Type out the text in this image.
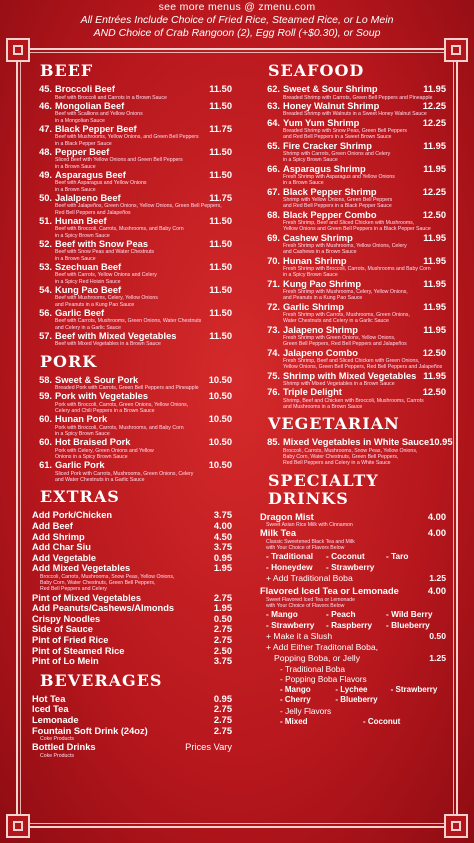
see more menus @ zmenu.com
All Entrées Include Choice of Fried Rice, Steamed Rice, or Lo Mein
AND Choice of Crab Rangoon (2), Egg Roll (+$0.30), or Soup
BEEF
45. Broccoli Beef	11.50
Beef with Broccoli and Carrots in a Brown Sauce
46. Mongolian Beef	11.50
Beef with Scallions and Yellow Onions
in a Mongolian Sauce
47. Black Pepper Beef	11.75
Beef with Mushrooms, Yellow Onions, and Green Bell Peppers
in a Black Pepper Sauce
48. Pepper Beef	11.50
Sliced Beef with Yellow Onions and Green Bell Peppers
in a Brown Sauce
49. Asparagus Beef	11.50
Beef with Asparagus and Yellow Onions
in a Brown Sauce
50. Jalalpeno Beef	11.75
Beef with Jalapeños, Green Onions, Yellow Onions, Green Bell Peppers,
Red Bell Peppers and Jalapeños
51. Hunan Beef	11.50
Beef with Broccoli, Carrots, Mushrooms, and Baby Corn
in a Spicy Brown Sauce
52. Beef with Snow Peas	11.50
Beef with Snow Peas and Water Chestnuts
in a Brown Sauce
53. Szechuan Beef	11.50
Beef with Carrots, Yellow Onions and Celery
in a Spicy Red Hoisin Sauce
54. Kung Pao Beef	11.50
Beef with Mushrooms, Celery, Yellow Onions
and Peanuts in a Kung Pao Sauce
56. Garlic Beef	11.50
Beef with Carrots, Mushrooms, Green Onions, Water Chestnuts
and Celery in a Garlic Sauce
57. Beef with Mixed Vegetables	11.50
Beef with Mixed Vegetables in a Brown Sauce
PORK
58. Sweet & Sour Pork	10.50
Breaded Pork with Carrots, Green Bell Peppers and Pineapple
59. Pork with Vegetables	10.50
Pork with Broccoli, Carrots, Green Onions, Yellow Onions,
Celery and Chili Peppers in a Brown Sauce
60. Hunan Pork	10.50
Pork with Broccoli, Carrots, Mushrooms, and Baby Corn
in a Spicy Brown Sauce
60. Hot Braised Pork	10.50
Pork with Celery, Green Onions and Yellow
Onions in a Spicy Brown Sauce
61. Garlic Pork	10.50
Sliced Pork with Carrots, Mushrooms, Green Onions, Celery
and Water Chestnuts in a Garlic Sauce
EXTRAS
Add Pork/Chicken	3.75
Add Beef	4.00
Add Shrimp	4.50
Add Char Siu	3.75
Add Vegetable	0.95
Add Mixed Vegetables	1.95
Broccoli, Carrots, Mushrooms, Snow Peas, Yellow Onions,
Baby Corn, Water Chestnuts, Green Bell Peppers,
Red Bell Peppers and Celery
Pint of Mixed Vegetables	2.75
Add Peanuts/Cashews/Almonds	1.95
Crispy Noodles	0.50
Side of Sauce	2.75
Pint of Fried Rice	2.75
Pint of Steamed Rice	2.50
Pint of Lo Mein	3.75
BEVERAGES
Hot Tea	0.95
Iced Tea	2.75
Lemonade	2.75
Fountain Soft Drink (24oz)	2.75
Coke Products
Bottled Drinks	Prices Vary
Coke Products
SEAFOOD
62. Sweet & Sour Shrimp	11.95
Breaded Shrimp with Carrots, Green Bell Peppers and Pineapple
63. Honey Walnut Shrimp	12.25
Breaded Shrimp with Walnuts in a Sweet Honey Walnut Sauce
64. Yum Yum Shrimp	12.25
Breaded Shrimp with Snow Peas, Green Bell Peppers
and Red Bell Peppers in a Sweet Brown Sauce
65. Fire Cracker Shrimp	11.95
Shrimp with Carrots, Green Onions and Celery
in a Spicy Brown Sauce
66. Asparagus Shrimp	11.95
Fresh Shrimp with Asparagus and Yellow Onions
in a Brown Sauce
67. Black Pepper Shrimp	12.25
Shrimp with Yellow Onions, Green Bell Peppers
and Red Bell Peppers in a Black Pepper Sauce
68. Black Pepper Combo	12.50
Fresh Shrimp, Beef and Sliced Chicken with Mushrooms,
Yellow Onions and Green Bell Peppers in a Black Pepper Sauce
69. Cashew Shrimp	11.95
Fresh Shrimp with Mushrooms, Yellow Onions, Celery
and Cashews in a Brown Sauce
70. Hunan Shrimp	11.95
Fresh Shrimp with Broccoli, Carrots, Mushrooms and Baby Corn
in a Spicy Brown Sauce
71. Kung Pao Shrimp	11.95
Fresh Shrimp with Mushrooms, Celery, Yellow Onions,
and Peanuts in a Kung Pao Sauce
72. Garlic Shrimp	11.95
Fresh Shrimp with Carrots, Mushrooms, Green Onions,
Water Chestnuts and Celery in a Garlic Sauce
73. Jalapeno Shrimp	11.95
Fresh Shrimp with Green Onions, Yellow Onions,
Green Bell Peppers, Red Bell Peppers and Jalapeños
74. Jalapeno Combo	12.50
Fresh Shrimp, Beef and Sliced Chicken with Green Onions,
Yellow Onions, Green Bell Peppers, Red Bell Peppers and Jalapeños
75. Shrimp with Mixed Vegetables 11.95
Shrimp with Mixed Vegetables in a Brown Sauce
76. Triple Delight	12.50
Shrimp, Beef and Chicken with Broccoli, Mushrooms, Carrots
and Mushrooms in a Brown Sauce
VEGETARIAN
85. Mixed Vegetables in White Sauce 10.95
Broccoli, Carrots, Mushrooms, Snow Peas, Yellow Onions,
Baby Corn, Water Chestnuts, Green Bell Peppers,
Red Bell Peppers and Celery in a White Sauce
SPECIALTY DRINKS
Dragon Mist	4.00
Sweet Asian Rice Milk with Cinnamon
Milk Tea	4.00
Classic Sweetened Black Tea and Milk
with Your Choice of Flavors Below
- Traditional	- Coconut	- Taro
- Honeydew	- Strawberry
+ Add Traditional Boba	1.25
Flavored Iced Tea or Lemonade	4.00
Sweet Flavored Iced Tea or Lemonade
with Your Choice of Flavors Below
- Mango	- Peach	- Wild Berry
- Strawberry	- Raspberry	- Blueberry
+ Make it a Slush	0.50
+ Add Either Traditonal Boba,
Popping Boba, or Jelly	1.25
- Traditional Boba
- Popping Boba Flavors
- Mango	- Lychee	- Strawberry
- Cherry	- Blueberry
- Jelly Flavors
- Mixed	- Coconut
